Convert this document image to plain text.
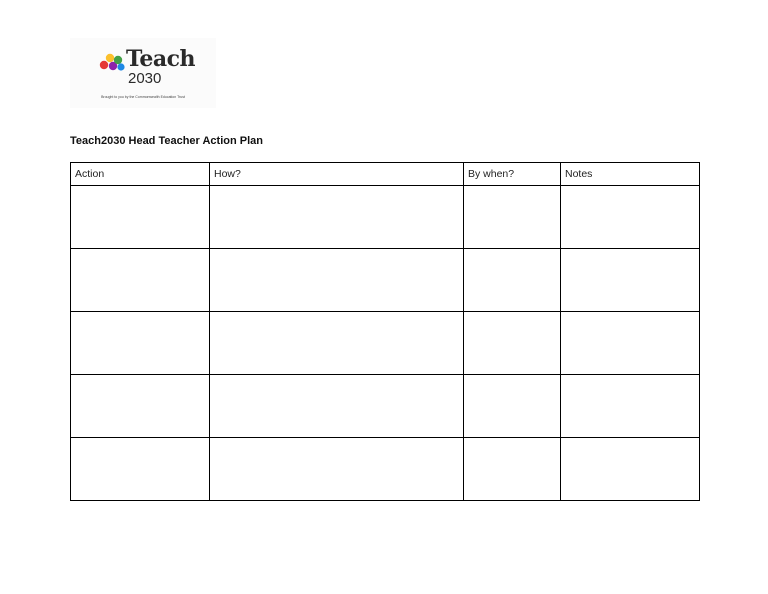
Teach
2030
Brought to you by the Commonwealth Education Trust
Teach2030 Head Teacher Action Plan
Action	How?	By when?	Notes
